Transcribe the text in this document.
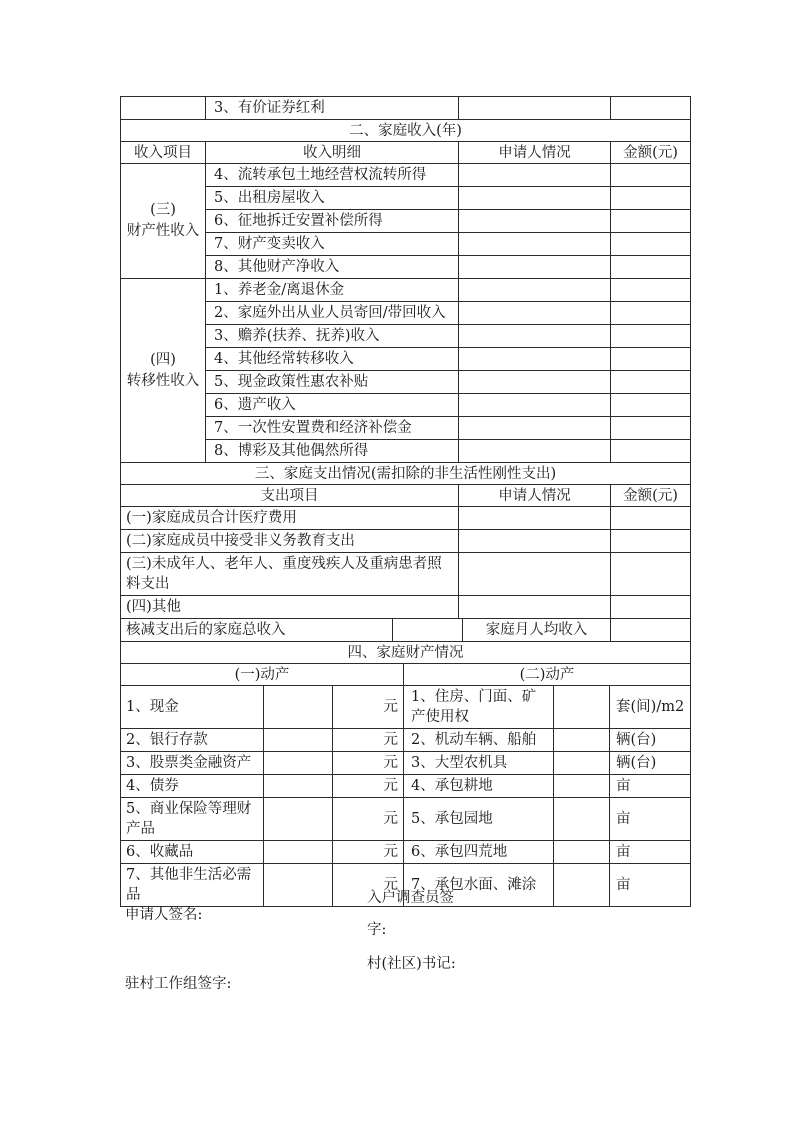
	3、有价证券红利		
二、家庭收入(年)			
收入项目	收入明细	申请人情况	金额(元)

(三)
财产性收入	4、流转承包土地经营权流转所得		
	5、出租房屋收入		
	6、征地拆迁安置补偿所得		
	7、财产变卖收入		
	8、其他财产净收入		

(四)
转移性收入	1、养老金/离退休金		
	2、家庭外出从业人员寄回/带回收入		
	3、赡养(扶养、抚养)收入		
	4、其他经常转移收入		
	5、现金政策性惠农补贴		
	6、遗产收入		
	7、一次性安置费和经济补偿金		
	8、博彩及其他偶然所得		
三、家庭支出情况(需扣除的非生活性刚性支出)		
支出项目	申请人情况	金额(元)
(一)家庭成员合计医疗费用		
(二)家庭成员中接受非义务教育支出		
(三)未成年人、老年人、重度残疾人及重病患者照料支出		
(四)其他		
核减支出后的家庭总收入		家庭月人均收入	
四、家庭财产情况					
(一)动产			(二)动产		
1、现金		元	1、住房、门面、矿产使用权		套(间)/m2
2、银行存款		元	2、机动车辆、船舶		辆(台)
3、股票类金融资产		元	3、大型农机具		辆(台)
4、债券		元	4、承包耕地		亩
5、商业保险等理财产品		元	5、承包园地		亩
6、收藏品		元	6、承包四荒地		亩
7、其他非生活必需品		元	7、承包水面、滩涂		亩
申请人签名:
入户调查员签字:
驻村工作组签字:
村(社区)书记:
